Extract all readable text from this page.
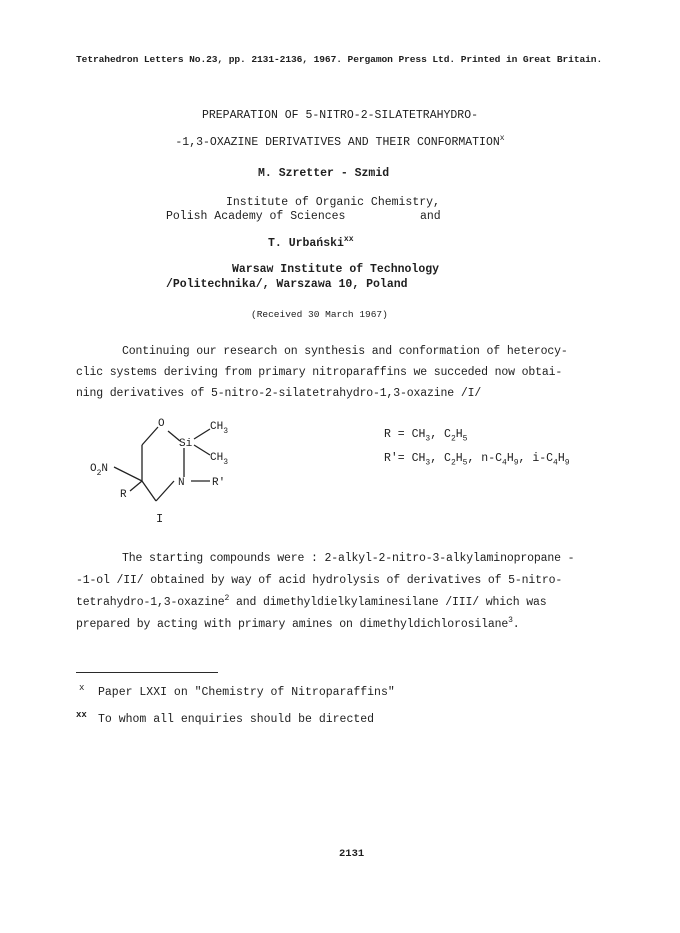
Tetrahedron Letters No.23, pp. 2131-2136, 1967. Pergamon Press Ltd. Printed in Great Britain.
PREPARATION OF 5-NITRO-2-SILATETRAHYDRO-
-1,3-OXAZINE DERIVATIVES AND THEIR CONFORMATION$^x$
M. Szretter - Szmid
Institute of Organic Chemistry,
Polish Academy of Sciences	and
T. Urbański$^{xx}$
Warsaw Institute of Technology
/Politechnika/, Warszawa 10, Poland
(Received 30 March 1967)
Continuing our research on synthesis and conformation of heterocy-
clic systems deriving from primary nitroparaffins we succeded now obtai-
ning derivatives of 5-nitro-2-silatetrahydro-1,3-oxazine /I/
O
Si
$CH_3$
$CH_3$
N R'
$O_2N$
R
I
$R = CH_3$, $C_2H_5$
$R'= CH_3$, $C_2H_5$, $n-C_4H_9$, $i-C_4H_9$
The starting compounds were : 2-alkyl-2-nitro-3-alkylaminopropane -
-1-ol /II/ obtained by way of acid hydrolysis of derivatives of 5-nitro-
tetrahydro-1,3-oxazine$^2$ and dimethyldielkylaminesilane /III/ which was
prepared by acting with primary amines on dimethyldichlorosilane$^3$.
x Paper LXXI on "Chemistry of Nitroparaffins"
xx To whom all enquiries should be directed
2131
